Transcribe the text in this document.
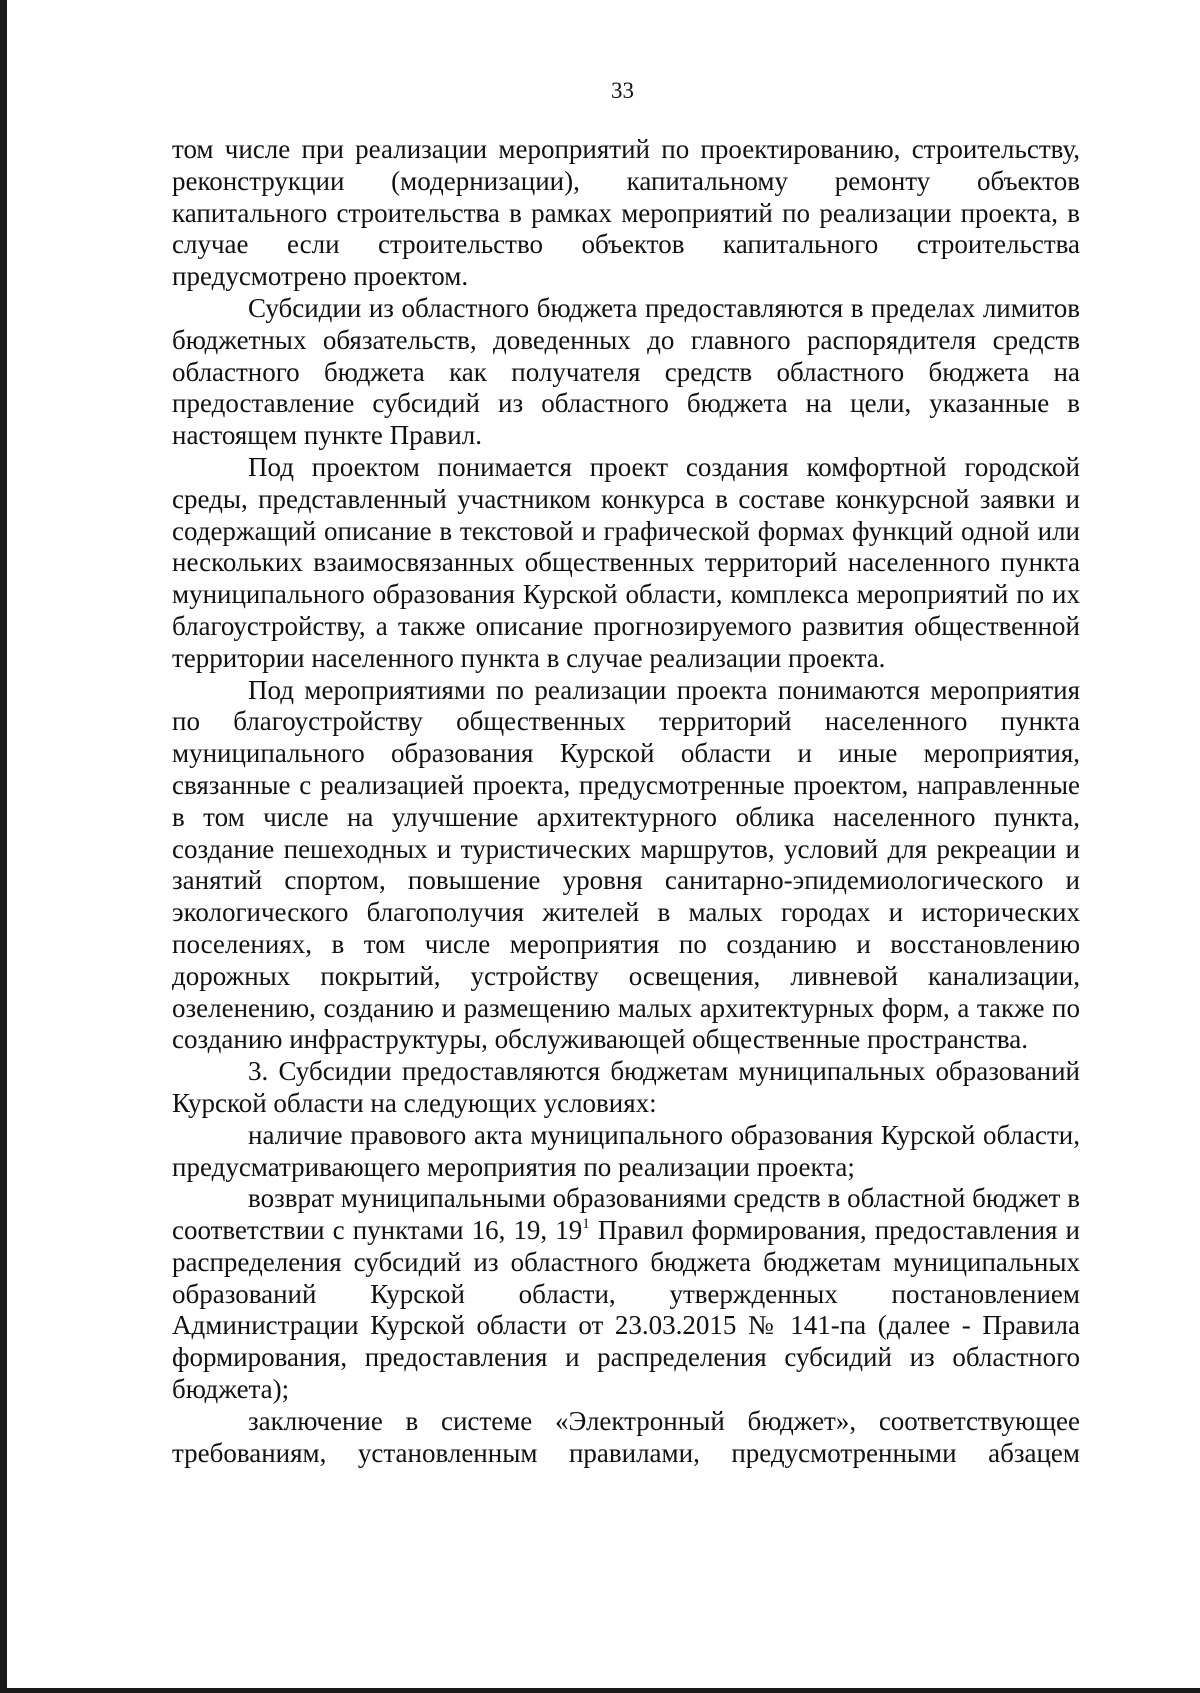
33

том числе при реализации мероприятий по проектированию, строительству, реконструкции (модернизации), капитальному ремонту объектов капитального строительства в рамках мероприятий по реализации проекта, в случае если строительство объектов капитального строительства предусмотрено проектом.

Субсидии из областного бюджета предоставляются в пределах лимитов бюджетных обязательств, доведенных до главного распорядителя средств областного бюджета как получателя средств областного бюджета на предоставление субсидий из областного бюджета на цели, указанные в настоящем пункте Правил.

Под проектом понимается проект создания комфортной городской среды, представленный участником конкурса в составе конкурсной заявки и содержащий описание в текстовой и графической формах функций одной или нескольких взаимосвязанных общественных территорий населенного пункта муниципального образования Курской области, комплекса мероприятий по их благоустройству, а также описание прогнозируемого развития общественной территории населенного пункта в случае реализации проекта.

Под мероприятиями по реализации проекта понимаются мероприятия по благоустройству общественных территорий населенного пункта муниципального образования Курской области и иные мероприятия, связанные с реализацией проекта, предусмотренные проектом, направленные в том числе на улучшение архитектурного облика населенного пункта, создание пешеходных и туристических маршрутов, условий для рекреации и занятий спортом, повышение уровня санитарно-эпидемиологического и экологического благополучия жителей в малых городах и исторических поселениях, в том числе мероприятия по созданию и восстановлению дорожных покрытий, устройству освещения, ливневой канализации, озеленению, созданию и размещению малых архитектурных форм, а также по созданию инфраструктуры, обслуживающей общественные пространства.

3. Субсидии предоставляются бюджетам муниципальных образований Курской области на следующих условиях:

наличие правового акта муниципального образования Курской области, предусматривающего мероприятия по реализации проекта;

возврат муниципальными образованиями средств в областной бюджет в соответствии с пунктами 16, 19, $19^1$ Правил формирования, предоставления и распределения субсидий из областного бюджета бюджетам муниципальных образований Курской области, утвержденных постановлением Администрации Курской области от 23.03.2015 № 141-па (далее - Правила формирования, предоставления и распределения субсидий из областного бюджета);

заключение в системе «Электронный бюджет», соответствующее требованиям, установленным правилами, предусмотренными абзацем
